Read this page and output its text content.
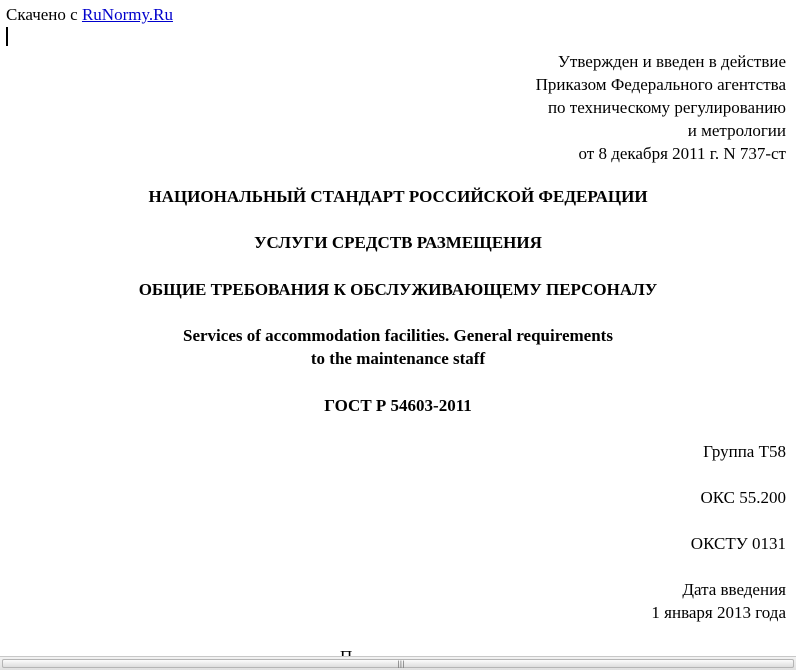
Скачено с RuNormy.Ru
Утвержден и введен в действие
Приказом Федерального агентства
по техническому регулированию
и метрологии
от 8 декабря 2011 г. N 737-ст
НАЦИОНАЛЬНЫЙ СТАНДАРТ РОССИЙСКОЙ ФЕДЕРАЦИИ
УСЛУГИ СРЕДСТВ РАЗМЕЩЕНИЯ
ОБЩИЕ ТРЕБОВАНИЯ К ОБСЛУЖИВАЮЩЕМУ ПЕРСОНАЛУ
Services of accommodation facilities. General requirements
to the maintenance staff
ГОСТ Р 54603-2011
Группа Т58
ОКС 55.200
ОКСТУ 0131
Дата введения
1 января 2013 года
|||
